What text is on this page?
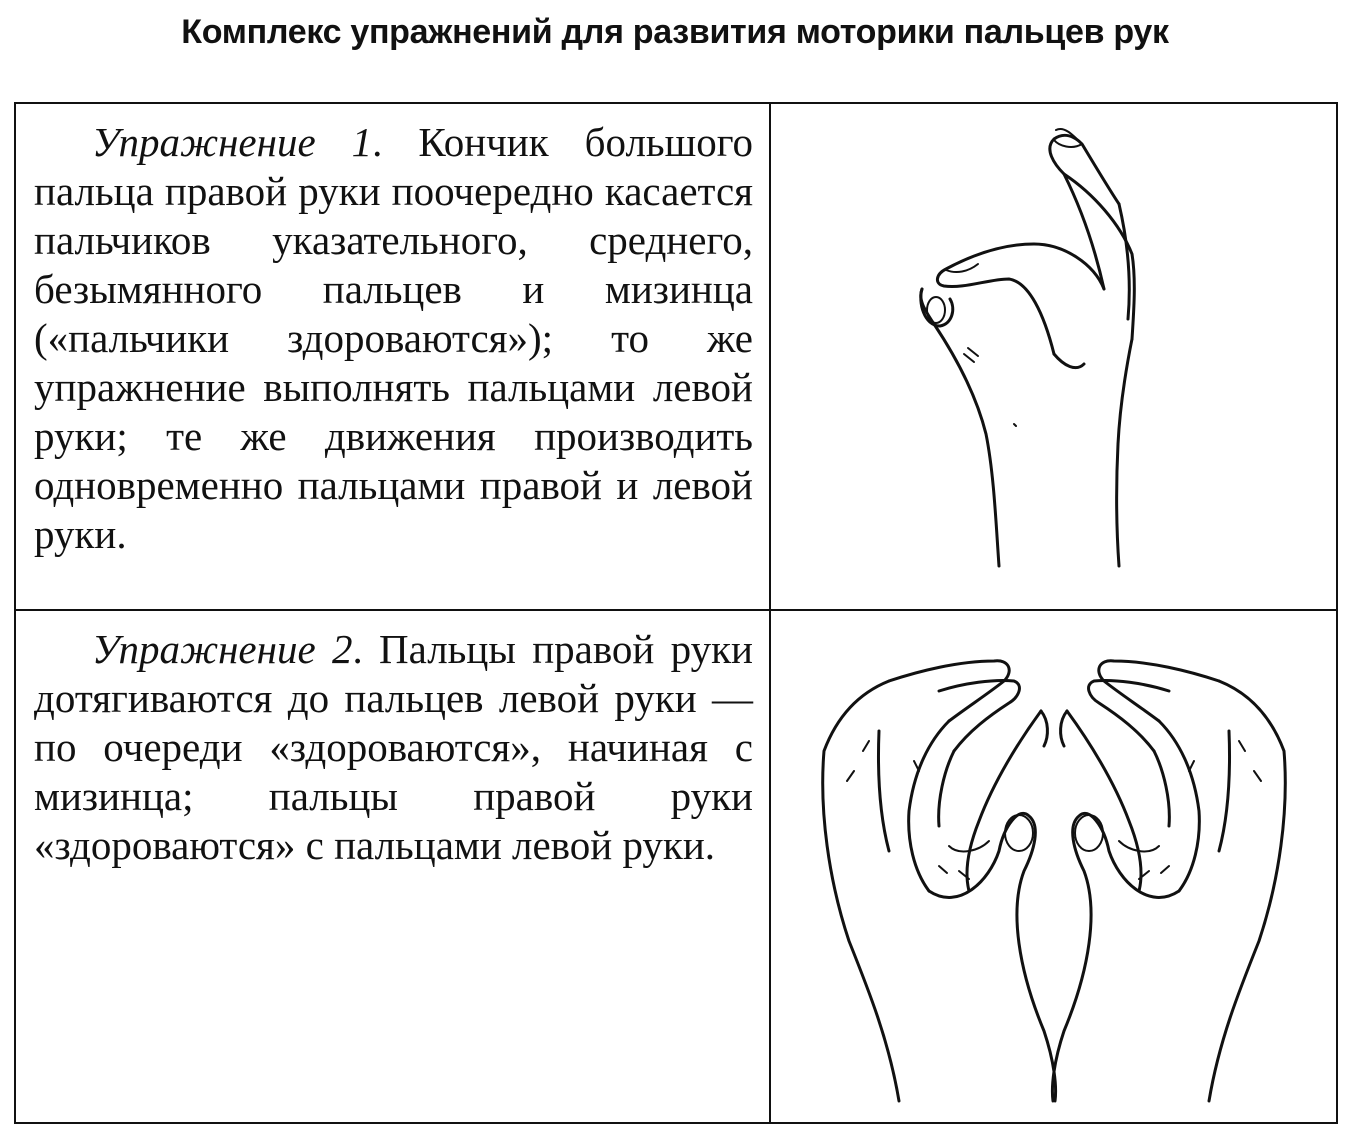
Комплекс упражнений для развития моторики пальцев рук

Упражнение 1. Кончик большого пальца правой руки поочередно касается пальчиков указательного, среднего, безымянного пальцев и мизинца («пальчики здороваются»); то же упражнение выполнять пальцами левой руки; те же движения производить одновременно пальцами правой и левой руки.

Упражнение 2. Пальцы правой руки дотягиваются до пальцев левой руки — по очереди «здороваются», начиная с мизинца; пальцы правой руки «здороваются» с пальцами левой руки.
